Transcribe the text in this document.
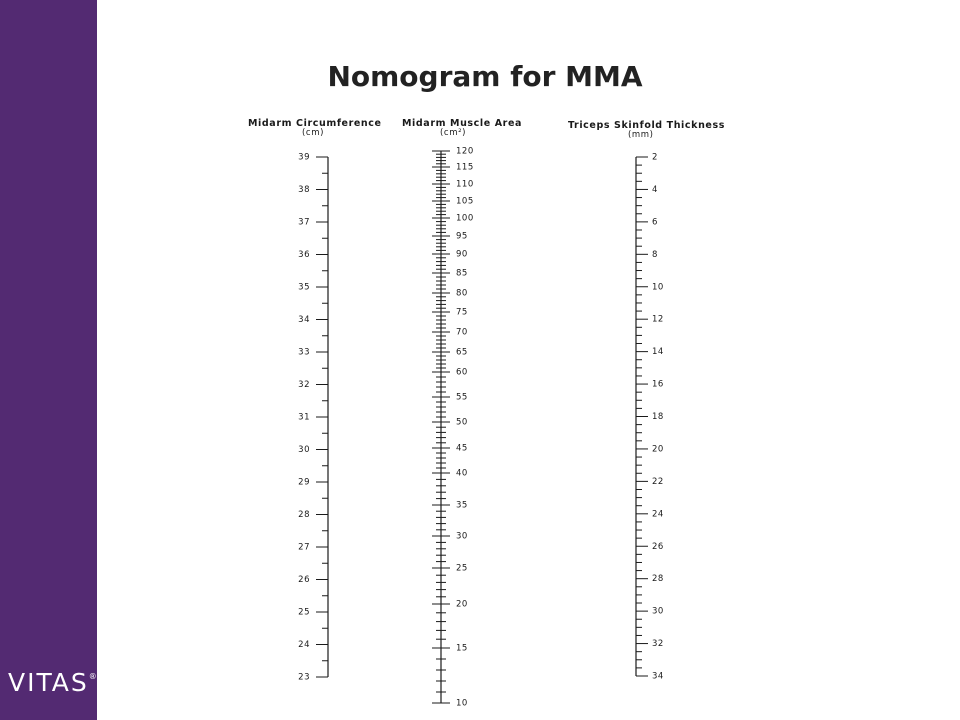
VITAS®
Nomogram for MMA
Midarm Circumference
(cm)
Midarm Muscle Area
(cm²)
Triceps Skinfold Thickness
(mm)
39
38
37
36
35
34
33
32
31
30
29
28
27
26
25
24
23
2
4
6
8
10
12
14
16
18
20
22
24
26
28
30
32
34
120
115
110
105
100
95
90
85
80
75
70
65
60
55
50
45
40
35
30
25
20
15
10
